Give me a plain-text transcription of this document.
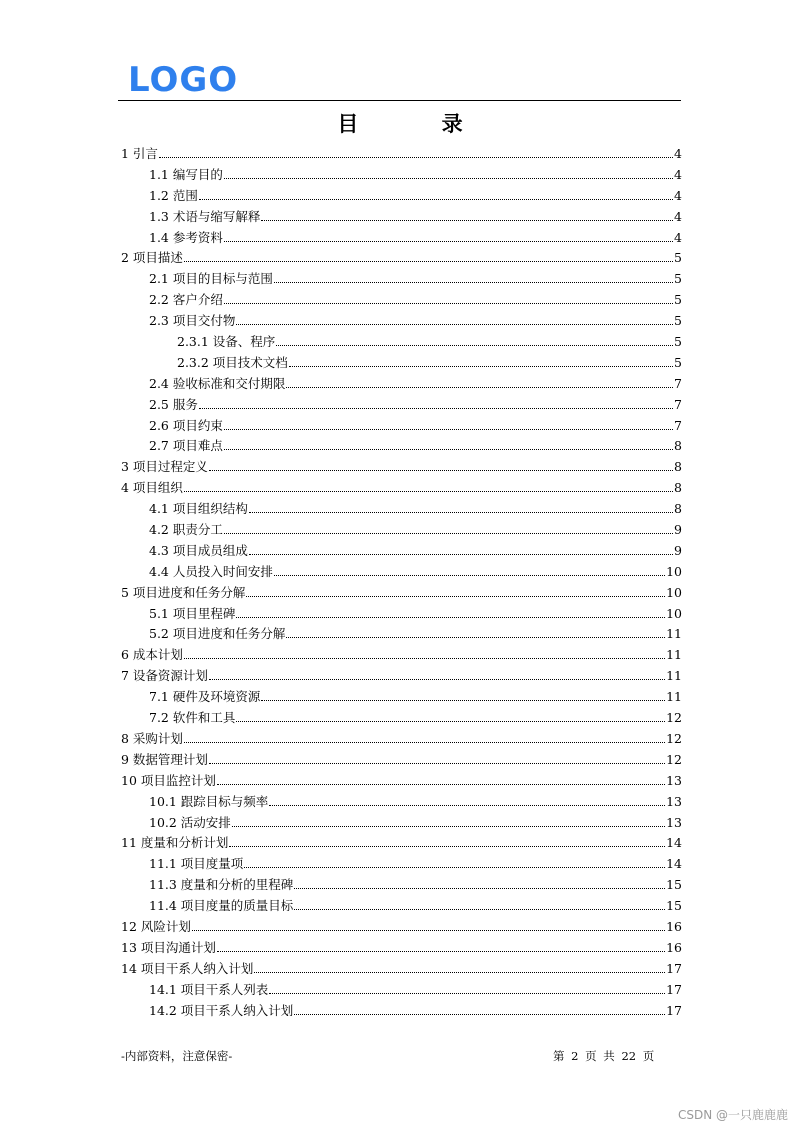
LOGO
目 录
1 引言	4
1.1 编写目的	4
1.2 范围	4
1.3 术语与缩写解释	4
1.4 参考资料	4
2 项目描述	5
2.1 项目的目标与范围	5
2.2 客户介绍	5
2.3 项目交付物	5
2.3.1 设备、程序	5
2.3.2 项目技术文档	5
2.4 验收标准和交付期限	7
2.5 服务	7
2.6 项目约束	7
2.7 项目难点	8
3 项目过程定义	8
4 项目组织	8
4.1 项目组织结构	8
4.2 职责分工	9
4.3 项目成员组成	9
4.4 人员投入时间安排	10
5 项目进度和任务分解	10
5.1 项目里程碑	10
5.2 项目进度和任务分解	11
6 成本计划	11
7 设备资源计划	11
7.1 硬件及环境资源	11
7.2 软件和工具	12
8 采购计划	12
9 数据管理计划	12
10 项目监控计划	13
10.1 跟踪目标与频率	13
10.2 活动安排	13
11 度量和分析计划	14
11.1 项目度量项	14
11.3 度量和分析的里程碑	15
11.4 项目度量的质量目标	15
12 风险计划	16
13 项目沟通计划	16
14 项目干系人纳入计划	17
14.1 项目干系人列表	17
14.2 项目干系人纳入计划	17
-内部资料，注意保密-	第 2 页 共 22 页
CSDN @一只鹿鹿鹿
